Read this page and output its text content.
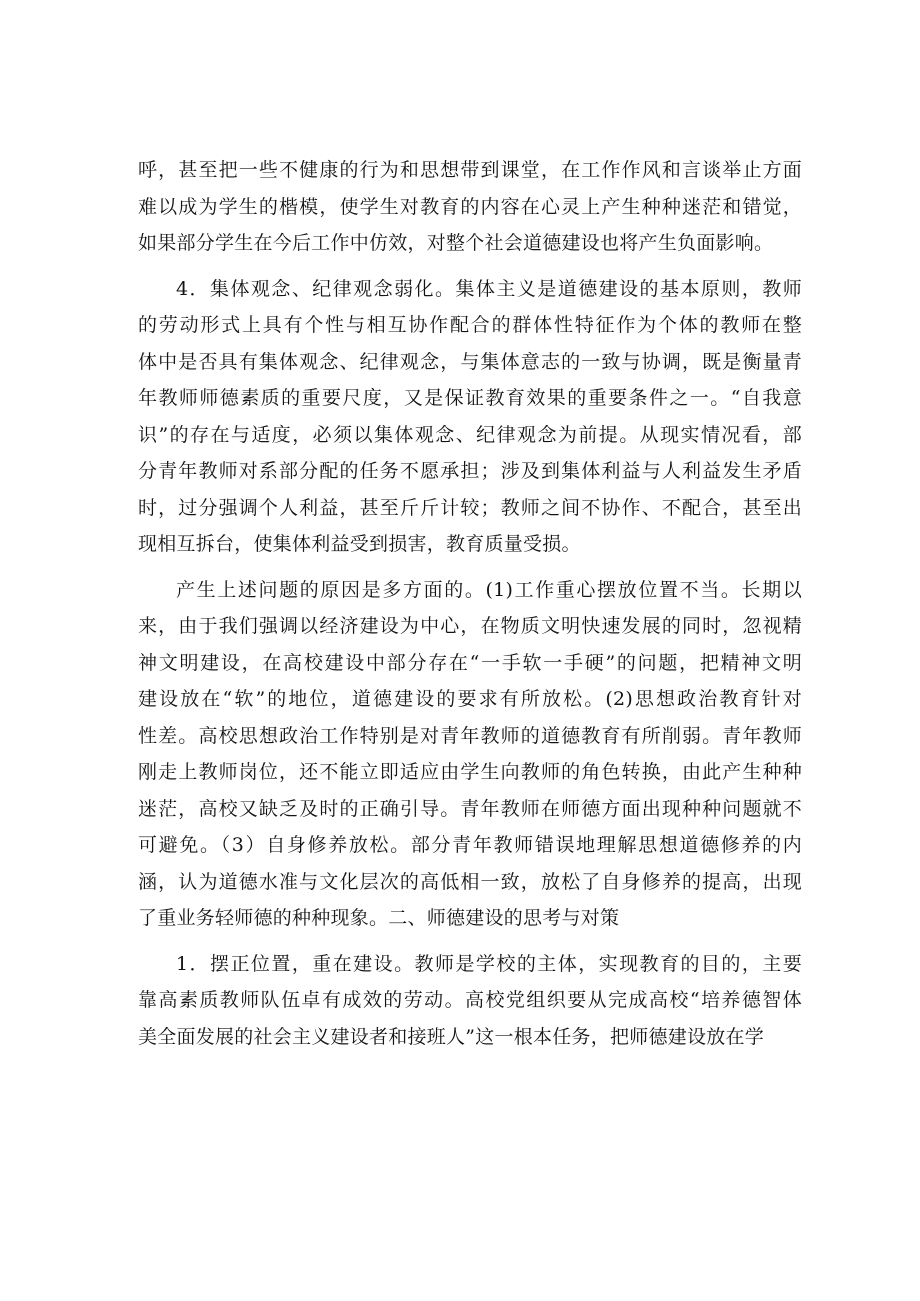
呼，甚至把一些不健康的行为和思想带到课堂，在工作作风和言谈举止方面
难以成为学生的楷模，使学生对教育的内容在心灵上产生种种迷茫和错觉，
如果部分学生在今后工作中仿效，对整个社会道德建设也将产生负面影响。
4．集体观念、纪律观念弱化。集体主义是道德建设的基本原则，教师
的劳动形式上具有个性与相互协作配合的群体性特征作为个体的教师在整
体中是否具有集体观念、纪律观念，与集体意志的一致与协调，既是衡量青
年教师师德素质的重要尺度，又是保证教育效果的重要条件之一。“自我意
识”的存在与适度，必须以集体观念、纪律观念为前提。从现实情况看，部
分青年教师对系部分配的任务不愿承担；涉及到集体利益与人利益发生矛盾
时，过分强调个人利益，甚至斤斤计较；教师之间不协作、不配合，甚至出
现相互拆台，使集体利益受到损害，教育质量受损。
产生上述问题的原因是多方面的。(1)工作重心摆放位置不当。长期以
来，由于我们强调以经济建设为中心，在物质文明快速发展的同时，忽视精
神文明建设，在高校建设中部分存在“一手软一手硬”的问题，把精神文明
建设放在“软”的地位，道德建设的要求有所放松。(2)思想政治教育针对
性差。高校思想政治工作特别是对青年教师的道德教育有所削弱。青年教师
刚走上教师岗位，还不能立即适应由学生向教师的角色转换，由此产生种种
迷茫，高校又缺乏及时的正确引导。青年教师在师德方面出现种种问题就不
可避免。（3）自身修养放松。部分青年教师错误地理解思想道德修养的内
涵，认为道德水准与文化层次的高低相一致，放松了自身修养的提高，出现
了重业务轻师德的种种现象。二、师德建设的思考与对策
1．摆正位置，重在建设。教师是学校的主体，实现教育的目的，主要
靠高素质教师队伍卓有成效的劳动。高校党组织要从完成高校“培养德智体
美全面发展的社会主义建设者和接班人”这一根本任务，把师德建设放在学
